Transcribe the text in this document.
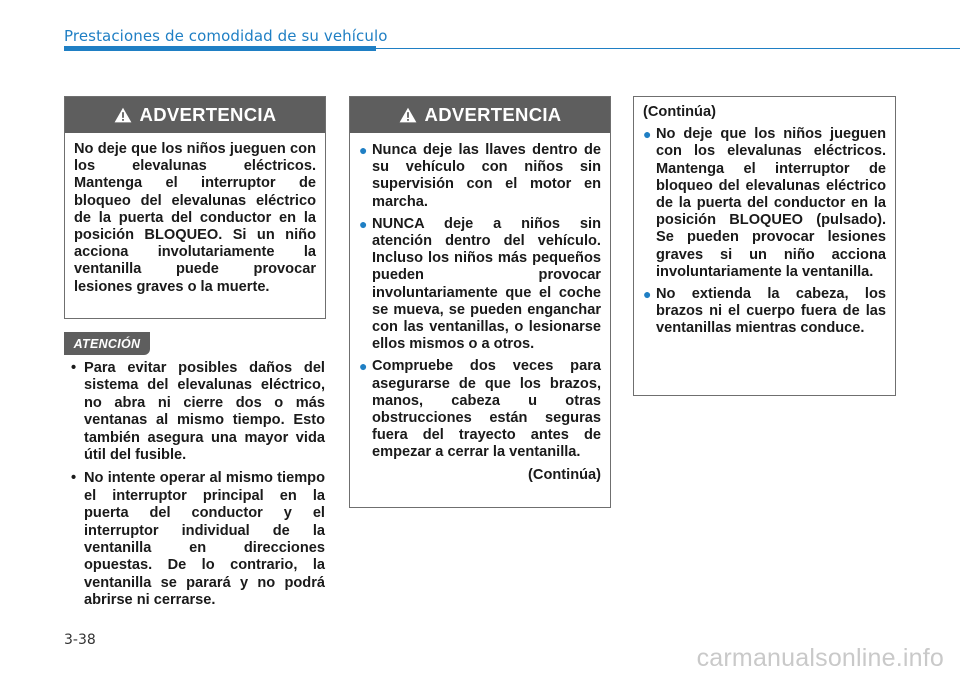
Prestaciones de comodidad de su vehículo
ADVERTENCIA

No deje que los niños jueguen con los elevalunas eléctricos. Mantenga el interruptor de bloqueo del elevalunas eléctrico de la puerta del conductor en la posición BLOQUEO. Si un niño acciona involutariamente la ventanilla puede provocar lesiones graves o la muerte.

ATENCIÓN
• Para evitar posibles daños del sistema del elevalunas eléctrico, no abra ni cierre dos o más ventanas al mismo tiempo. Esto también asegura una mayor vida útil del fusible.
• No intente operar al mismo tiempo el interruptor principal en la puerta del conductor y el interruptor individual de la ventanilla en direcciones opuestas. De lo contrario, la ventanilla se parará y no podrá abrirse ni cerrarse.
ADVERTENCIA
● Nunca deje las llaves dentro de su vehículo con niños sin supervisión con el motor en marcha.
● NUNCA deje a niños sin atención dentro del vehículo. Incluso los niños más pequeños pueden provocar involuntariamente que el coche se mueva, se pueden enganchar con las ventanillas, o lesionarse ellos mismos o a otros.
● Compruebe dos veces para asegurarse de que los brazos, manos, cabeza u otras obstrucciones están seguras fuera del trayecto antes de empezar a cerrar la ventanilla.
(Continúa)

(Continúa)

● No deje que los niños jueguen con los elevalunas eléctricos. Mantenga el interruptor de bloqueo del elevalunas eléctrico de la puerta del conductor en la posición BLOQUEO (pulsado). Se pueden provocar lesiones graves si un niño acciona involuntariamente la ventanilla.
● No extienda la cabeza, los brazos ni el cuerpo fuera de las ventanillas mientras conduce.
3-38
carmanualsonline.info
